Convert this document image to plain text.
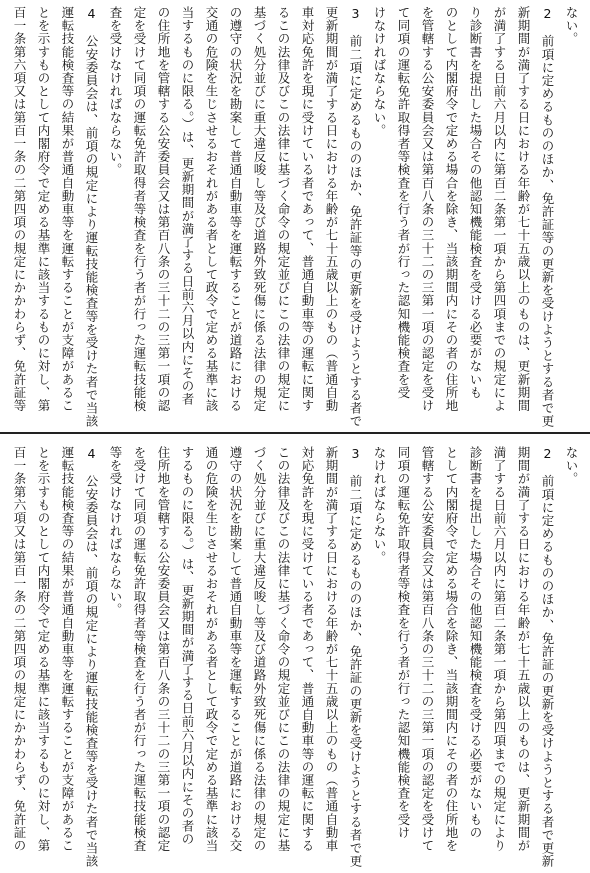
ない。
2　前項に定めるもののほか、免許証等の更新を受けようとする者で更
新期間が満了する日における年齢が七十五歳以上のものは、更新期間
が満了する日前六月以内に第百二条第一項から第四項までの規定によ
り診断書を提出した場合その他認知機能検査を受ける必要がないも
のとして内閣府令で定める場合を除き、当該期間内にその者の住所地
を管轄する公安委員会又は第百八条の三十二の三第一項の認定を受け
て同項の運転免許取得者等検査を行う者が行った認知機能検査を受
けなければならない。
3　前二項に定めるもののほか、免許証等の更新を受けようとする者で
更新期間が満了する日における年齢が七十五歳以上のもの（普通自動
車対応免許を現に受けている者であって、普通自動車等の運転に関す
るこの法律及びこの法律に基づく命令の規定並びにこの法律の規定に
基づく処分並びに重大違反唆し等及び道路外致死傷に係る法律の規定
の遵守の状況を勘案して普通自動車等を運転することが道路における
交通の危険を生じさせるおそれがある者として政令で定める基準に該
当するものに限る。）は、更新期間が満了する日前六月以内にその者
の住所地を管轄する公安委員会又は第百八条の三十二の三第一項の認
定を受けて同項の運転免許取得者等検査を行う者が行った運転技能検
査を受けなければならない。
4　公安委員会は、前項の規定により運転技能検査等を受けた者で当該
運転技能検査等の結果が普通自動車等を運転することが支障があるこ
とを示すものとして内閣府令で定める基準に該当するものに対し、第
百一条第六項又は第百一条の二第四項の規定にかかわらず、免許証等
ない。
2　前項に定めるもののほか、免許証の更新を受けようとする者で更新
期間が満了する日における年齢が七十五歳以上のものは、更新期間が
満了する日前六月以内に第百二条第一項から第四項までの規定により
診断書を提出した場合その他認知機能検査を受ける必要がないもの
として内閣府令で定める場合を除き、当該期間内にその者の住所地を
管轄する公安委員会又は第百八条の三十二の三第一項の認定を受けて
同項の運転免許取得者等検査を行う者が行った認知機能検査を受け
なければならない。
3　前二項に定めるもののほか、免許証の更新を受けようとする者で更
新期間が満了する日における年齢が七十五歳以上のもの（普通自動車
対応免許を現に受けている者であって、普通自動車等の運転に関する
この法律及びこの法律に基づく命令の規定並びにこの法律の規定に基
づく処分並びに重大違反唆し等及び道路外致死傷に係る法律の規定の
遵守の状況を勘案して普通自動車等を運転することが道路における交
通の危険を生じさせるおそれがある者として政令で定める基準に該当
するものに限る。）は、更新期間が満了する日前六月以内にその者の
住所地を管轄する公安委員会又は第百八条の三十二の三第一項の認定
を受けて同項の運転免許取得者等検査を行う者が行った運転技能検査
等を受けなければならない。
4　公安委員会は、前項の規定により運転技能検査等を受けた者で当該
運転技能検査等の結果が普通自動車等を運転することが支障があるこ
とを示すものとして内閣府令で定める基準に該当するものに対し、第
百一条第六項又は第百一条の二第四項の規定にかかわらず、免許証の
